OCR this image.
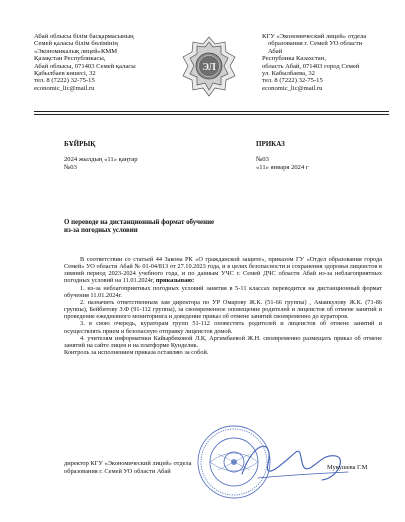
Абай облысы білім басқармасының
Семей қаласы білім бөлімінің
«Экономикалық лицей»КММ
Қазақстан Республикасы,
Абай облысы, 071403 Семей қаласы
Қабылбаев көшесі, 32
тел. 8 (7222) 32-75-15
economic_lic@mail.ru
ЭЛ
КГУ «Экономический лицей» отдела
образования г. Семей УО области
Абай
Республика Казахстан,
область Абай, 071403 город Семей
ул. Кабылбаева, 32
тел. 8 (7222) 32-75-15
economic_lic@mail.ru
БҰЙРЫҚ	ПРИКАЗ
2024 жылдың «11» қаңтар
№03
№03
«11» января 2024 г
О переводе на дистанционный формат обучение
из-за погодных условии

В соответствии со статьей 44 Закона РК «О гражданской защите», приказом ГУ «Отдел образования города Семей» УО области Абай № 01-04/813 от 27.10.2023 года, и в целях безопасности и сохранения здоровья лицеистов в зимний период 2023-2024 учебного года, и по данным УЧС г. Семей ДЧС области Абай из-за неблагоприятных погодных условий на 11.01.2024г, приказываю:

1. из-за неблагоприятных погодных условий занятия в 5-11 классах переводится на дистанционный формат обучения 11.01.2024г.

2. назначить ответственным зам директора по УР Омарову Ж.К. (51-66 группы) , Амаикулову Ж.К. (71-86 группы), Бейбитову З.Ф (91-112 группы), за своевременное оповещение родителей и лицеистов об отмене занятий и проведение ежедневного мониторинга и доведение приказ об отмене занятий своевременно до кураторов.

3. в свою очередь, кураторам групп 51-112 оповестить родителей и лицеистов об отмене занятий и осуществлять прием и безопасную отправку лицеистов домой.

4. учителям информатики Кайырбековой Л.К, Аргимбаевой Ж.Н. своевременно размещать приказ об отмене занятий на сайте лицея и на платформе Кунделик.

Контроль за исполнением приказа оставляю за собой.

директор КГУ «Экономический лицей» отдела
образования г. Семей УО области Абай
Мукушева Г.М
